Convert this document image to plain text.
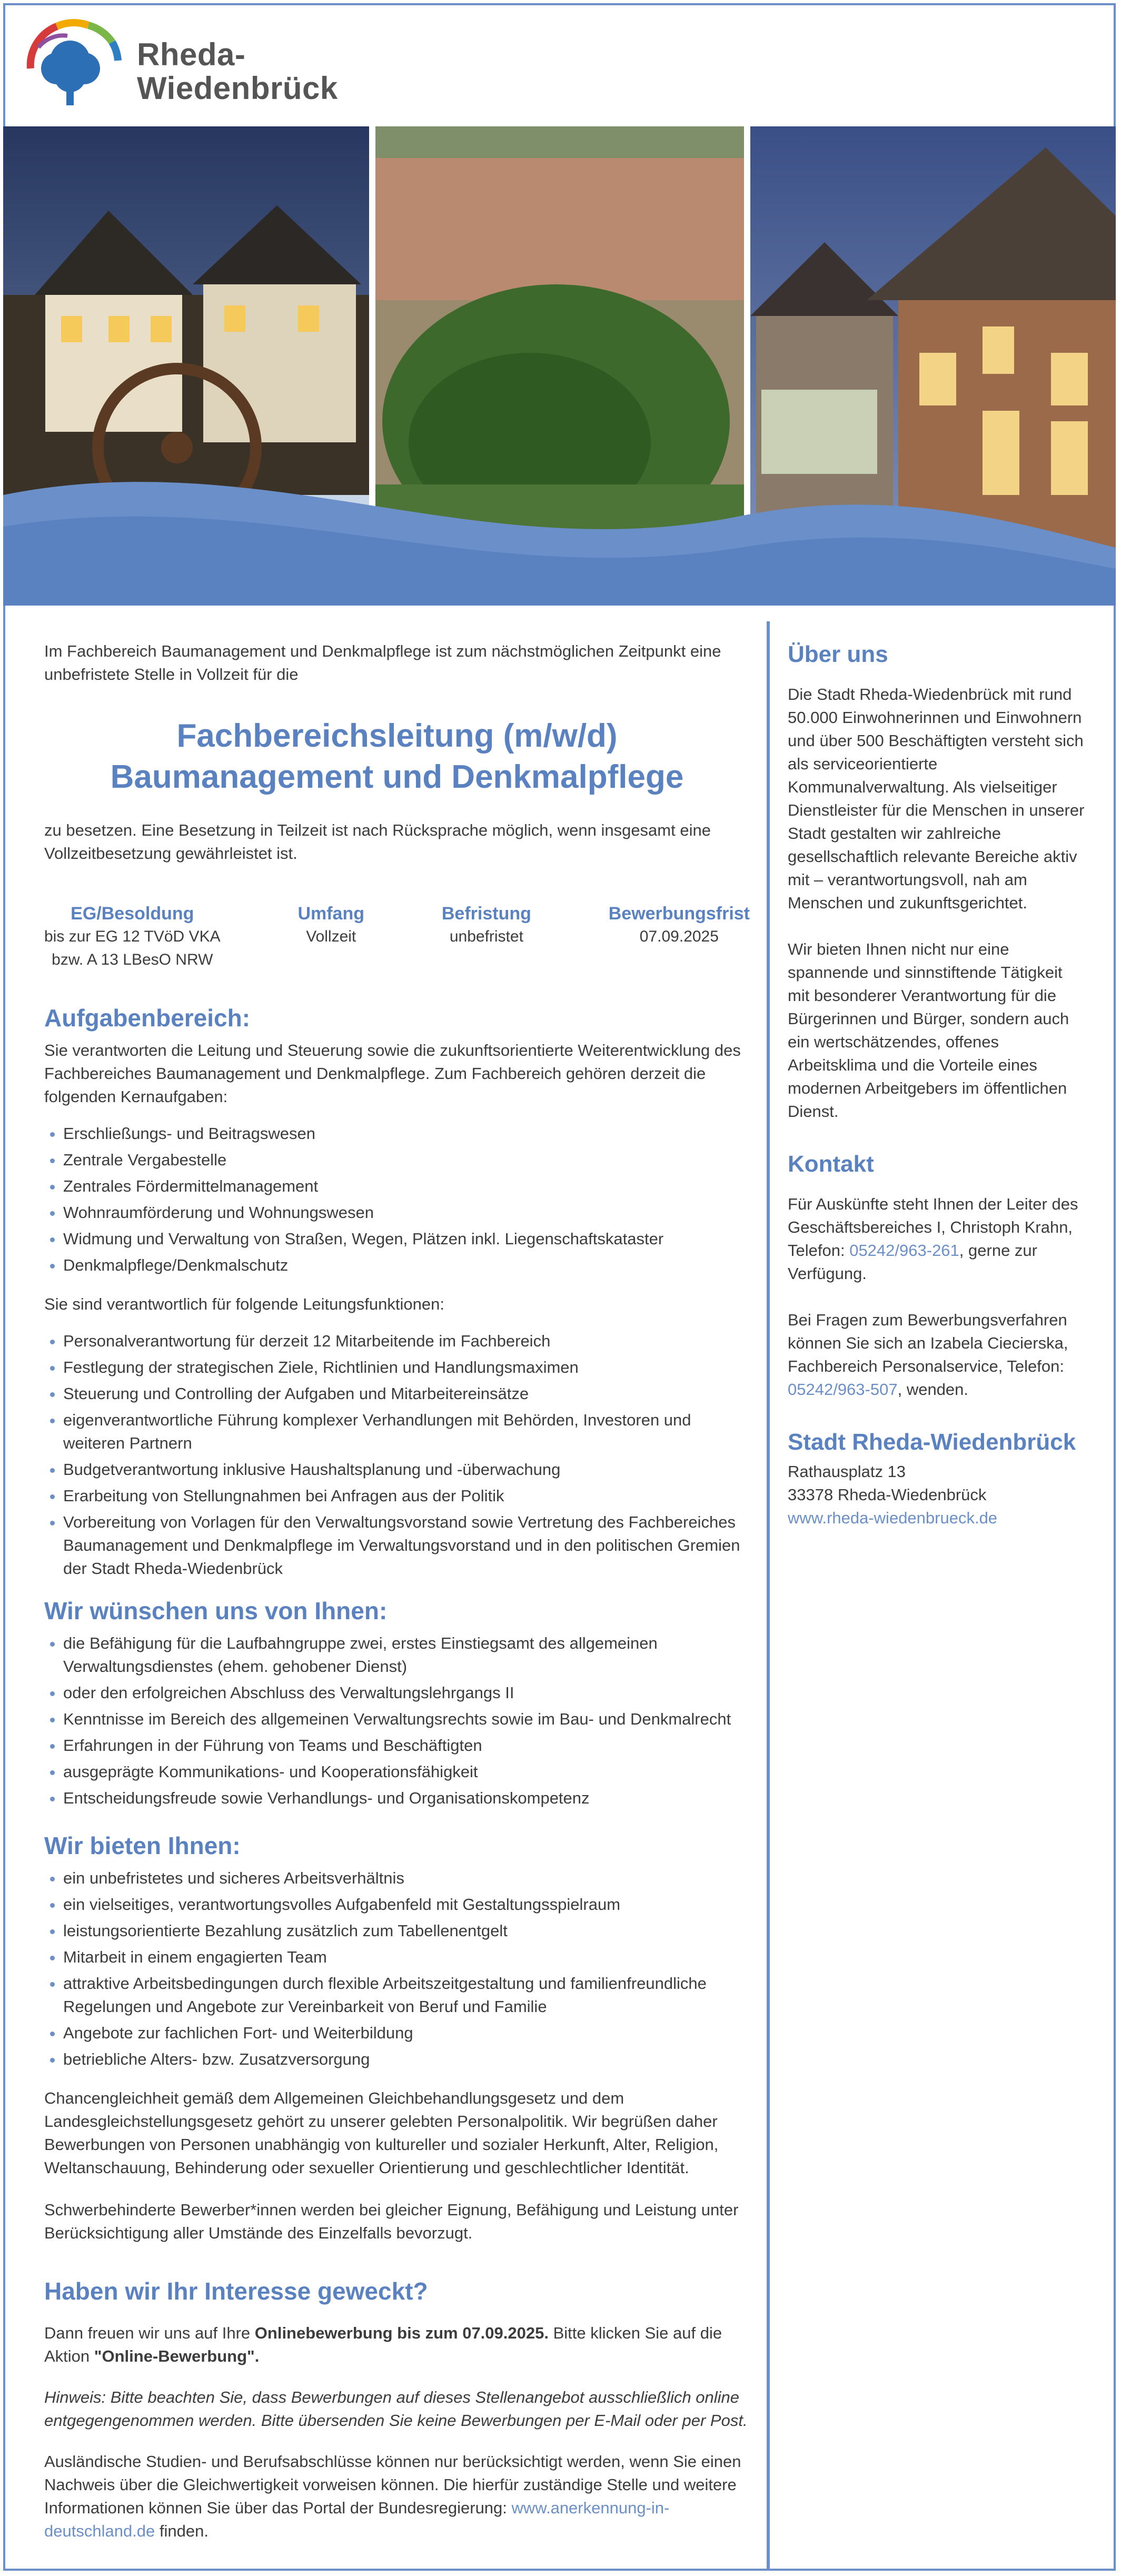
Rheda-
Wiedenbrück

Im Fachbereich Baumanagement und Denkmalpflege ist zum nächstmöglichen Zeitpunkt eine unbefristete Stelle in Vollzeit für die

Fachbereichsleitung (m/w/d) Baumanagement und Denkmalpflege

zu besetzen. Eine Besetzung in Teilzeit ist nach Rücksprache möglich, wenn insgesamt eine Vollzeitbesetzung gewährleistet ist.

EG/Besoldung
bis zur EG 12 TVöD VKA
bzw. A 13 LBesO NRW
Umfang
Vollzeit
Befristung
unbefristet
Bewerbungsfrist
07.09.2025
Aufgabenbereich:

Sie verantworten die Leitung und Steuerung sowie die zukunftsorientierte Weiterentwicklung des Fachbereiches Baumanagement und Denkmalpflege. Zum Fachbereich gehören derzeit die folgenden Kernaufgaben:

• Erschließungs- und Beitragswesen
• Zentrale Vergabestelle
• Zentrales Fördermittelmanagement
• Wohnraumförderung und Wohnungswesen
• Widmung und Verwaltung von Straßen, Wegen, Plätzen inkl. Liegenschaftskataster
• Denkmalpflege/Denkmalschutz

Sie sind verantwortlich für folgende Leitungsfunktionen:

• Personalverantwortung für derzeit 12 Mitarbeitende im Fachbereich
• Festlegung der strategischen Ziele, Richtlinien und Handlungsmaximen
• Steuerung und Controlling der Aufgaben und Mitarbeitereinsätze
• eigenverantwortliche Führung komplexer Verhandlungen mit Behörden, Investoren und weiteren Partnern
• Budgetverantwortung inklusive Haushaltsplanung und -überwachung
• Erarbeitung von Stellungnahmen bei Anfragen aus der Politik
• Vorbereitung von Vorlagen für den Verwaltungsvorstand sowie Vertretung des Fachbereiches Baumanagement und Denkmalpflege im Verwaltungsvorstand und in den politischen Gremien der Stadt Rheda-Wiedenbrück
Wir wünschen uns von Ihnen:
• die Befähigung für die Laufbahngruppe zwei, erstes Einstiegsamt des allgemeinen Verwaltungsdienstes (ehem. gehobener Dienst)
• oder den erfolgreichen Abschluss des Verwaltungslehrgangs II
• Kenntnisse im Bereich des allgemeinen Verwaltungsrechts sowie im Bau- und Denkmalrecht
• Erfahrungen in der Führung von Teams und Beschäftigten
• ausgeprägte Kommunikations- und Kooperationsfähigkeit
• Entscheidungsfreude sowie Verhandlungs- und Organisationskompetenz
Wir bieten Ihnen:
• ein unbefristetes und sicheres Arbeitsverhältnis
• ein vielseitiges, verantwortungsvolles Aufgabenfeld mit Gestaltungsspielraum
• leistungsorientierte Bezahlung zusätzlich zum Tabellenentgelt
• Mitarbeit in einem engagierten Team
• attraktive Arbeitsbedingungen durch flexible Arbeitszeitgestaltung und familienfreundliche Regelungen und Angebote zur Vereinbarkeit von Beruf und Familie
• Angebote zur fachlichen Fort- und Weiterbildung
• betriebliche Alters- bzw. Zusatzversorgung

Chancengleichheit gemäß dem Allgemeinen Gleichbehandlungsgesetz und dem Landesgleichstellungsgesetz gehört zu unserer gelebten Personalpolitik. Wir begrüßen daher Bewerbungen von Personen unabhängig von kultureller und sozialer Herkunft, Alter, Religion, Weltanschauung, Behinderung oder sexueller Orientierung und geschlechtlicher Identität.

Schwerbehinderte Bewerber*innen werden bei gleicher Eignung, Befähigung und Leistung unter Berücksichtigung aller Umstände des Einzelfalls bevorzugt.

Haben wir Ihr Interesse geweckt?

Dann freuen wir uns auf Ihre Onlinebewerbung bis zum 07.09.2025. Bitte klicken Sie auf die Aktion "Online-Bewerbung".

Hinweis: Bitte beachten Sie, dass Bewerbungen auf dieses Stellenangebot ausschließlich online entgegengenommen werden. Bitte übersenden Sie keine Bewerbungen per E-Mail oder per Post.

Ausländische Studien- und Berufsabschlüsse können nur berücksichtigt werden, wenn Sie einen Nachweis über die Gleichwertigkeit vorweisen können. Die hierfür zuständige Stelle und weitere Informationen können Sie über das Portal der Bundesregierung: www.anerkennung-in-deutschland.de finden.

Über uns

Die Stadt Rheda-Wiedenbrück mit rund 50.000 Einwohnerinnen und Einwohnern und über 500 Beschäftigten versteht sich als serviceorientierte Kommunalverwaltung. Als vielseitiger Dienstleister für die Menschen in unserer Stadt gestalten wir zahlreiche gesellschaftlich relevante Bereiche aktiv mit – verantwortungsvoll, nah am Menschen und zukunftsgerichtet.

Wir bieten Ihnen nicht nur eine spannende und sinnstiftende Tätigkeit mit besonderer Verantwortung für die Bürgerinnen und Bürger, sondern auch ein wertschätzendes, offenes Arbeitsklima und die Vorteile eines modernen Arbeitgebers im öffentlichen Dienst.

Kontakt

Für Auskünfte steht Ihnen der Leiter des Geschäftsbereiches I, Christoph Krahn, Telefon: 05242/963-261, gerne zur Verfügung.

Bei Fragen zum Bewerbungsverfahren können Sie sich an Izabela Ciecierska, Fachbereich Personalservice, Telefon: 05242/963-507, wenden.

Stadt Rheda-Wiedenbrück

Rathausplatz 13

33378 Rheda-Wiedenbrück

www.rheda-wiedenbrueck.de
